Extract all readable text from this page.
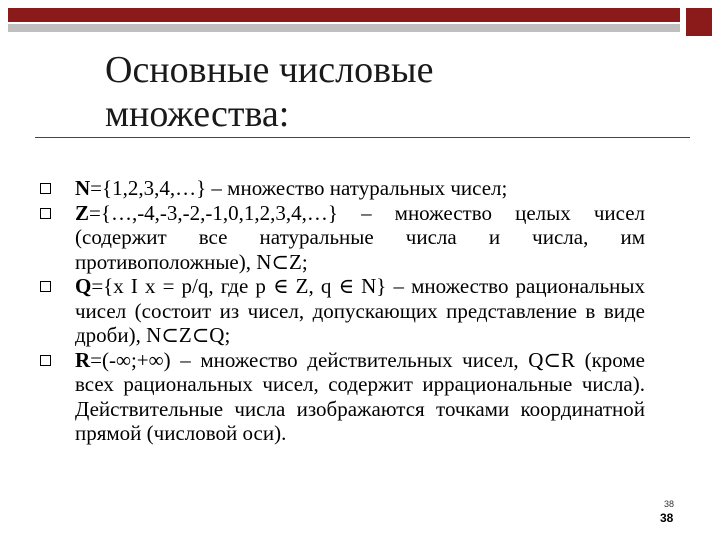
Основные числовые
множества:
N={1,2,3,4,…} – множество натуральных чисел;
Z={…,-4,-3,-2,-1,0,1,2,3,4,…} – множество целых чисел (содержит все натуральные числа и числа, им противоположные), N⊂Z;
Q={x I x = p/q, где p ∈ Z, q ∈ N} – множество рациональных чисел (состоит из чисел, допускающих представление в виде дроби), N⊂Z⊂Q;
R=(-∞;+∞) – множество действительных чисел, Q⊂R (кроме всех рациональных чисел, содержит иррациональные числа). Действительные числа изображаются точками координатной прямой (числовой оси).
38
38
